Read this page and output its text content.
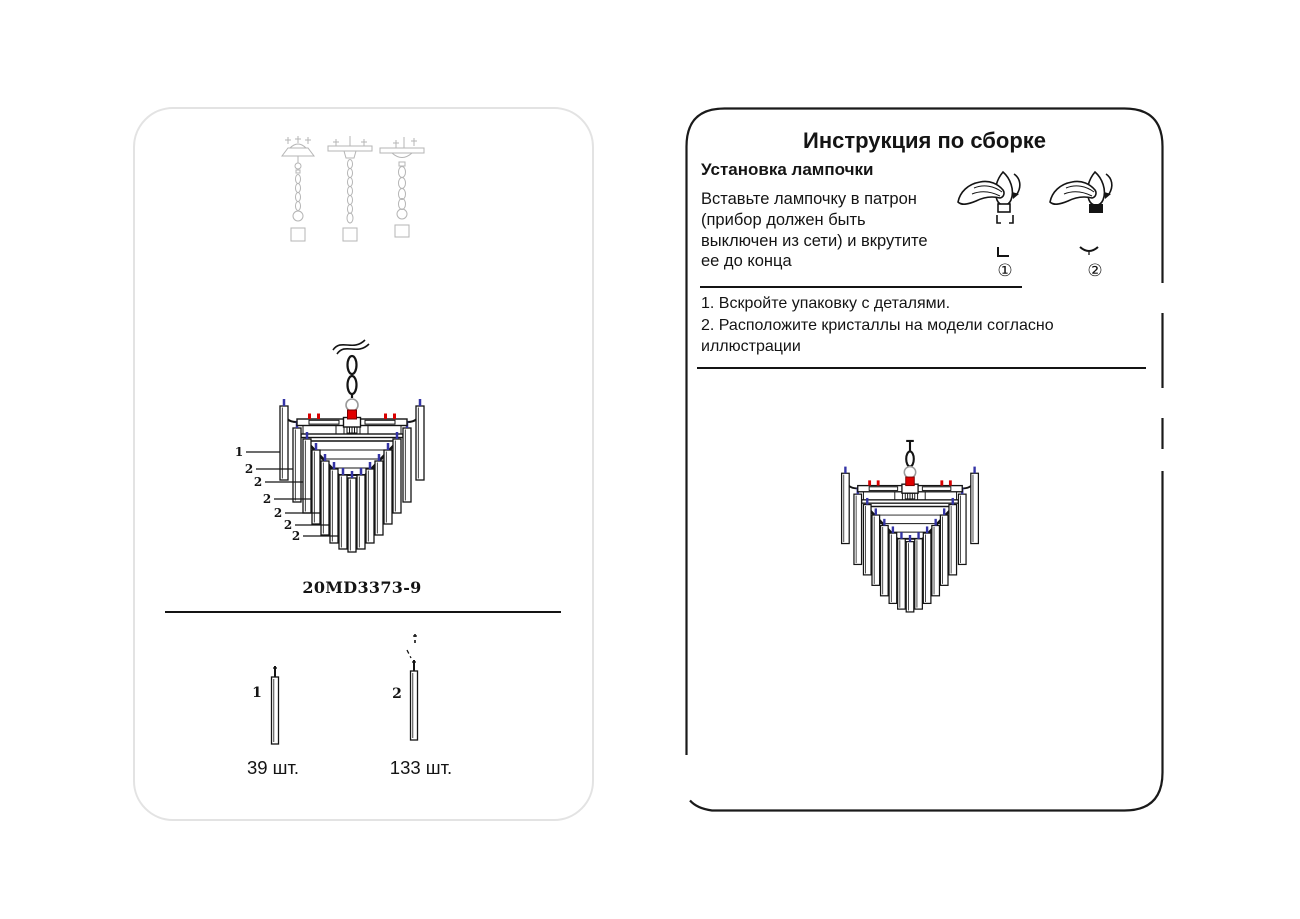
1
2
2
2
2
2
2
20MD3373-9
1
39 шт.
2
133 шт.
Инструкция по сборке
Установка лампочки
Вставьте лампочку в патрон
(прибор должен быть
выключен из сети) и вкрутите
ее до конца	①	②
1. Вскройте упаковку с деталями.
2. Расположите кристаллы на модели согласно
иллюстрации
